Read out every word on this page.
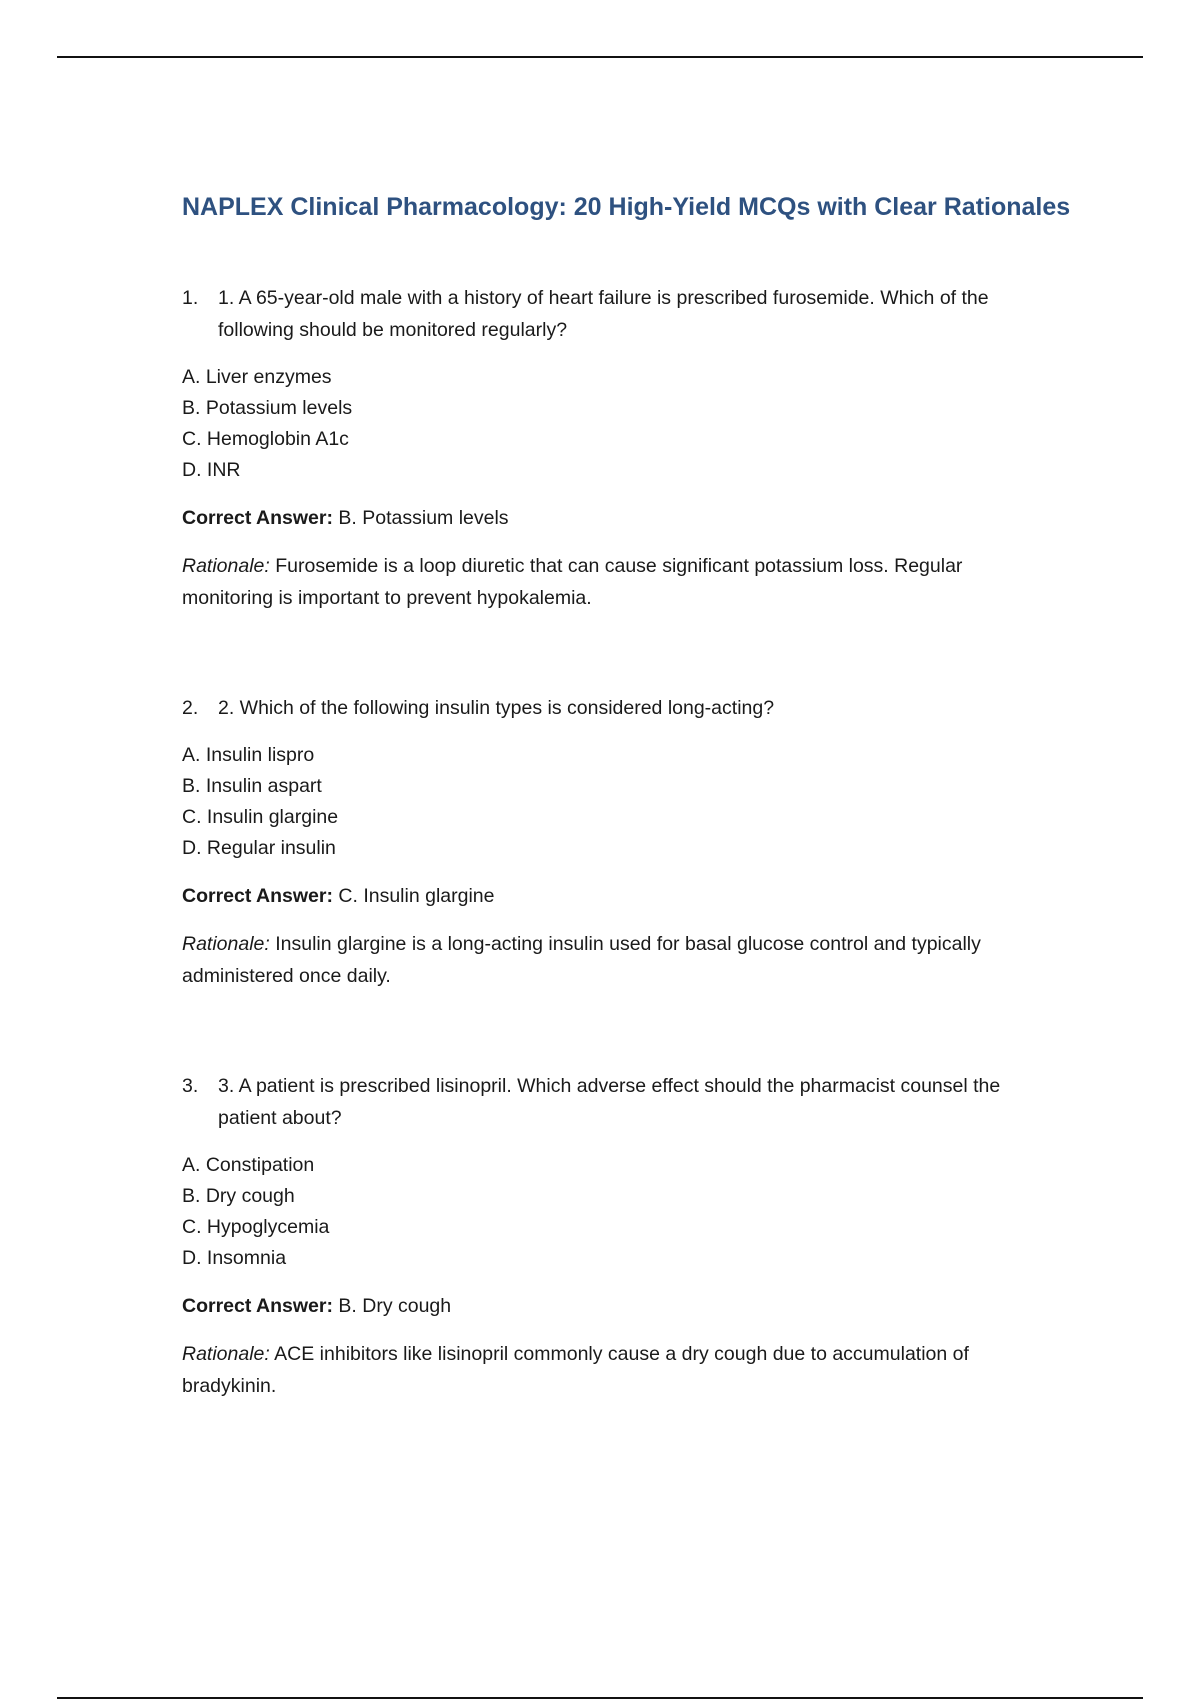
NAPLEX Clinical Pharmacology: 20 High-Yield MCQs with Clear Rationales
1.	1. A 65-year-old male with a history of heart failure is prescribed furosemide. Which of the following should be monitored regularly?
A. Liver enzymes
B. Potassium levels
C. Hemoglobin A1c
D. INR

Correct Answer: B. Potassium levels

Rationale: Furosemide is a loop diuretic that can cause significant potassium loss. Regular monitoring is important to prevent hypokalemia.

2.	2. Which of the following insulin types is considered long-acting?
A. Insulin lispro
B. Insulin aspart
C. Insulin glargine
D. Regular insulin

Correct Answer: C. Insulin glargine

Rationale: Insulin glargine is a long-acting insulin used for basal glucose control and typically administered once daily.

3.	3. A patient is prescribed lisinopril. Which adverse effect should the pharmacist counsel the patient about?
A. Constipation
B. Dry cough
C. Hypoglycemia
D. Insomnia

Correct Answer: B. Dry cough

Rationale: ACE inhibitors like lisinopril commonly cause a dry cough due to accumulation of bradykinin.
